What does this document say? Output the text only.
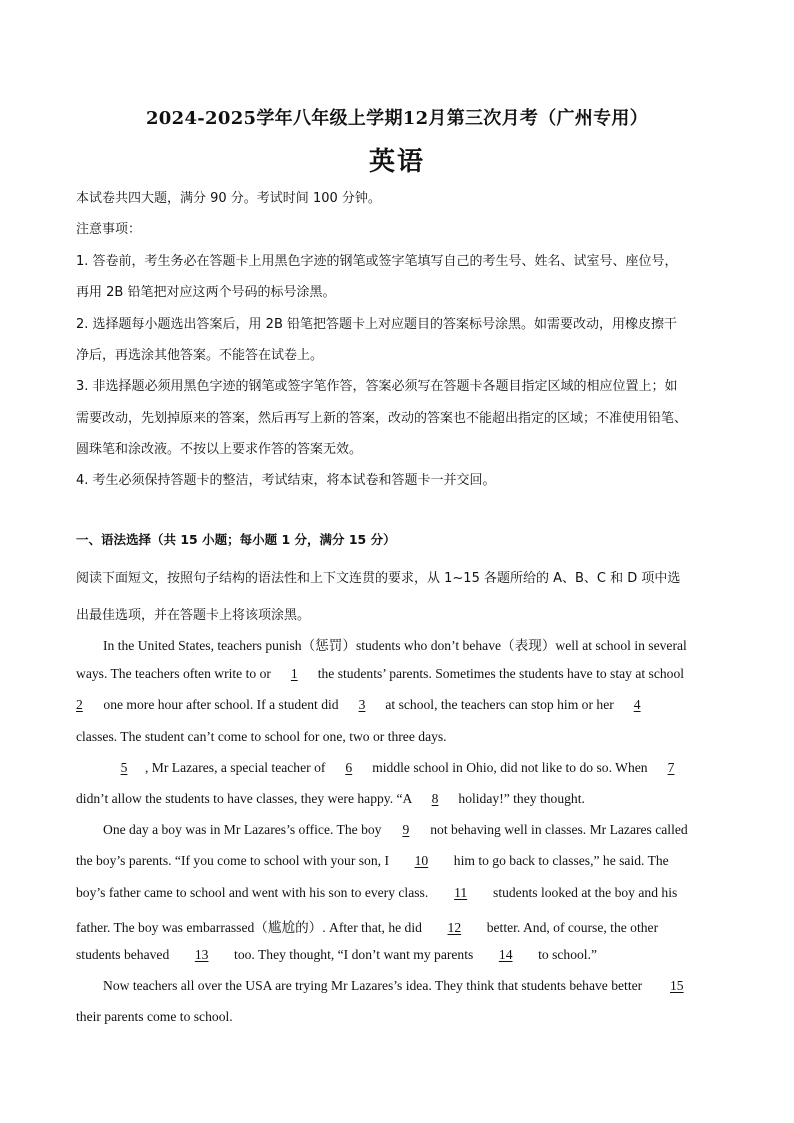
2024-2025学年八年级上学期12月第三次月考（广州专用）
英语
本试卷共四大题，满分 90 分。考试时间 100 分钟。
注意事项：
1. 答卷前，考生务必在答题卡上用黑色字迹的钢笔或签字笔填写自己的考生号、姓名、试室号、座位号，
再用 2B 铅笔把对应这两个号码的标号涂黑。
2. 选择题每小题选出答案后，用 2B 铅笔把答题卡上对应题目的答案标号涂黑。如需要改动，用橡皮擦干
净后，再选涂其他答案。不能答在试卷上。
3. 非选择题必须用黑色字迹的钢笔或签字笔作答，答案必须写在答题卡各题目指定区域的相应位置上；如
需要改动，先划掉原来的答案，然后再写上新的答案，改动的答案也不能超出指定的区域；不准使用铅笔、
圆珠笔和涂改液。不按以上要求作答的答案无效。
4. 考生必须保持答题卡的整洁，考试结束，将本试卷和答题卡一并交回。
一、语法选择（共 15 小题；每小题 1 分，满分 15 分）
阅读下面短文，按照句子结构的语法性和上下文连贯的要求，从 1~15 各题所给的 A、B、C 和 D 项中选
出最佳选项，并在答题卡上将该项涂黑。
In the United States, teachers punish（惩罚）students who don’t behave（表现）well at school in several
ways. The teachers often write to or 1 the students’ parents. Sometimes the students have to stay at school
2 one more hour after school. If a student did 3 at school, the teachers can stop him or her 4
classes. The student can’t come to school for one, two or three days.
5 , Mr Lazares, a special teacher of 6 middle school in Ohio, did not like to do so. When 7
didn’t allow the students to have classes, they were happy. “A 8 holiday!” they thought.
One day a boy was in Mr Lazares’s office. The boy 9 not behaving well in classes. Mr Lazares called
the boy’s parents. “If you come to school with your son, I 10 him to go back to classes,” he said. The
boy’s father came to school and went with his son to every class. 11 students looked at the boy and his
father. The boy was embarrassed（尴尬的）. After that, he did 12 better. And, of course, the other
students behaved 13 too. They thought, “I don’t want my parents 14 to school.”
Now teachers all over the USA are trying Mr Lazares’s idea. They think that students behave better 15
their parents come to school.
